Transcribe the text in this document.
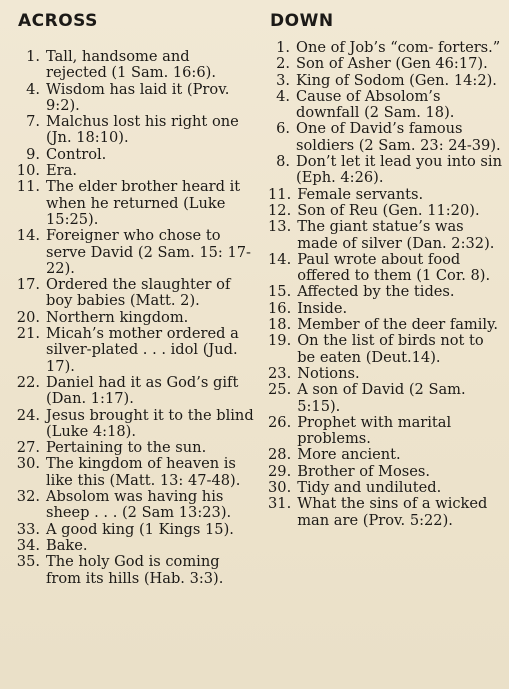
ACROSS
1. Tall, handsome and rejected (1 Sam. 16:6).
4. Wisdom has laid it (Prov. 9:2).
7. Malchus lost his right one (Jn. 18:10).
9. Control.
10. Era.
11. The elder brother heard it when he returned (Luke 15:25).
14. Foreigner who chose to serve David (2 Sam. 15: 17-22).
17. Ordered the slaughter of boy babies (Matt. 2).
20. Northern kingdom.
21. Micah’s mother ordered a silver-plated . . . idol (Jud. 17).
22. Daniel had it as God’s gift (Dan. 1:17).
24. Jesus brought it to the blind (Luke 4:18).
27. Pertaining to the sun.
30. The kingdom of heaven is like this (Matt. 13: 47-48).
32. Absolom was having his sheep . . . (2 Sam 13:23).
33. A good king (1 Kings 15).
34. Bake.
35. The holy God is coming from its hills (Hab. 3:3).
DOWN
1. One of Job’s “com- forters.”
2. Son of Asher (Gen 46:17).
3. King of Sodom (Gen. 14:2).
4. Cause of Absolom’s downfall (2 Sam. 18).
6. One of David’s famous soldiers (2 Sam. 23: 24-39).
8. Don’t let it lead you into sin (Eph. 4:26).
11. Female servants.
12. Son of Reu (Gen. 11:20).
13. The giant statue’s was made of silver (Dan. 2:32).
14. Paul wrote about food offered to them (1 Cor. 8).
15. Affected by the tides.
16. Inside.
18. Member of the deer family.
19. On the list of birds not to be eaten (Deut.14).
23. Notions.
25. A son of David (2 Sam. 5:15).
26. Prophet with marital problems.
28. More ancient.
29. Brother of Moses.
30. Tidy and undiluted.
31. What the sins of a wicked man are (Prov. 5:22).
